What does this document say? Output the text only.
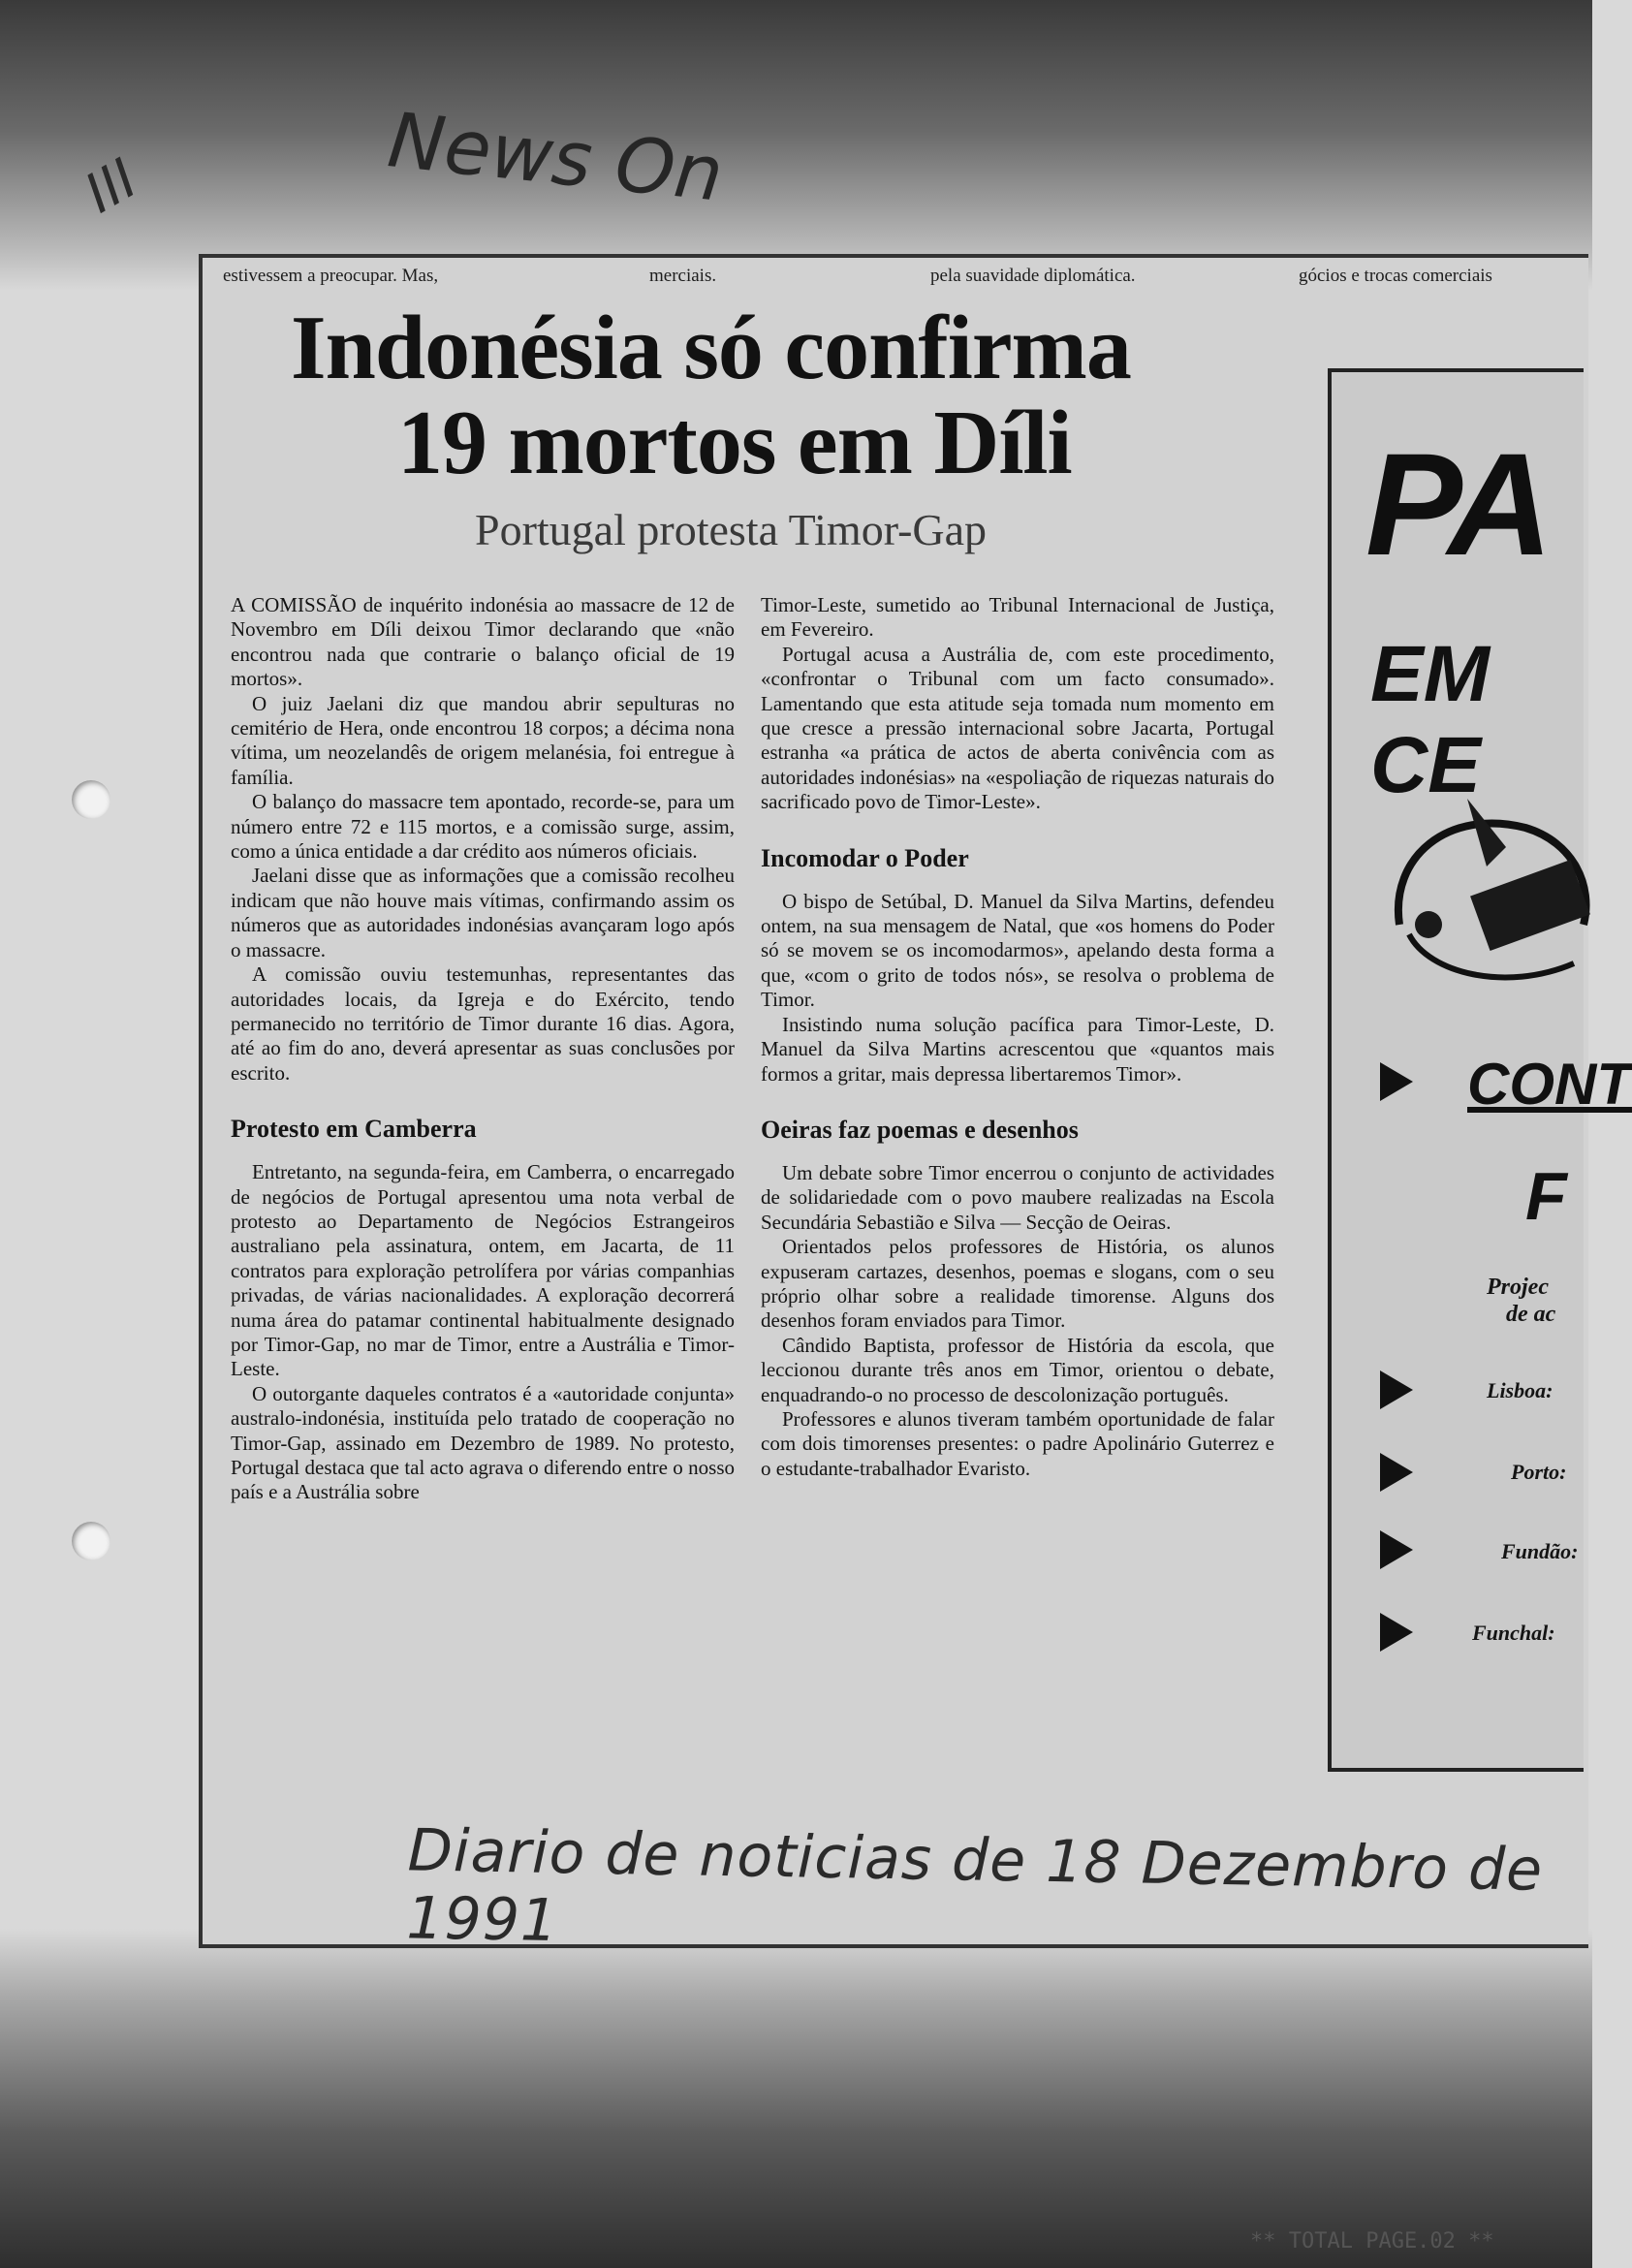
III	News On
estivessem a preocupar. Mas,	merciais.	pela suavidade diplomática.	gócios e trocas comerciais
Indonésia só confirma
19 mortos em Díli
Portugal protesta Timor-Gap

A COMISSÃO de inquérito indonésia ao massacre de 12 de Novembro em Díli deixou Timor declarando que «não encontrou nada que contrarie o balanço oficial de 19 mortos».

O juiz Jaelani diz que mandou abrir sepulturas no cemitério de Hera, onde encontrou 18 corpos; a décima nona vítima, um neozelandês de origem melanésia, foi entregue à família.

O balanço do massacre tem apontado, recorde-se, para um número entre 72 e 115 mortos, e a comissão surge, assim, como a única entidade a dar crédito aos números oficiais.

Jaelani disse que as informações que a comissão recolheu indicam que não houve mais vítimas, confirmando assim os números que as autoridades indonésias avançaram logo após o massacre.

A comissão ouviu testemunhas, representantes das autoridades locais, da Igreja e do Exército, tendo permanecido no território de Timor durante 16 dias. Agora, até ao fim do ano, deverá apresentar as suas conclusões por escrito.

Protesto em Camberra

Entretanto, na segunda-feira, em Camberra, o encarregado de negócios de Portugal apresentou uma nota verbal de protesto ao Departamento de Negócios Estrangeiros australiano pela assinatura, ontem, em Jacarta, de 11 contratos para exploração petrolífera por várias companhias privadas, de várias nacionalidades. A exploração decorrerá numa área do patamar continental habitualmente designado por Timor-Gap, no mar de Timor, entre a Austrália e Timor-Leste.

O outorgante daqueles contratos é a «autoridade conjunta» australo-indonésia, instituída pelo tratado de cooperação no Timor-Gap, assinado em Dezembro de 1989. No protesto, Portugal destaca que tal acto agrava o diferendo entre o nosso país e a Austrália sobre

Timor-Leste, sumetido ao Tribunal Internacional de Justiça, em Fevereiro.

Portugal acusa a Austrália de, com este procedimento, «confrontar o Tribunal com um facto consumado». Lamentando que esta atitude seja tomada num momento em que cresce a pressão internacional sobre Jacarta, Portugal estranha «a prática de actos de aberta conivência com as autoridades indonésias» na «espoliação de riquezas naturais do sacrificado povo de Timor-Leste».

Incomodar o Poder

O bispo de Setúbal, D. Manuel da Silva Martins, defendeu ontem, na sua mensagem de Natal, que «os homens do Poder só se movem se os incomodarmos», apelando desta forma a que, «com o grito de todos nós», se resolva o problema de Timor.

Insistindo numa solução pacífica para Timor-Leste, D. Manuel da Silva Martins acrescentou que «quantos mais formos a gritar, mais depressa libertaremos Timor».

Oeiras faz poemas e desenhos

Um debate sobre Timor encerrou o conjunto de actividades de solidariedade com o povo maubere realizadas na Escola Secundária Sebastião e Silva — Secção de Oeiras.

Orientados pelos professores de História, os alunos expuseram cartazes, desenhos, poemas e slogans, com o seu próprio olhar sobre a realidade timorense. Alguns dos desenhos foram enviados para Timor.

Cândido Baptista, professor de História da escola, que leccionou durante três anos em Timor, orientou o debate, enquadrando-o no processo de descolonização português.

Professores e alunos tiveram também oportunidade de falar com dois timorenses presentes: o padre Apolinário Guterrez e o estudante-trabalhador Evaristo.

PA
EM CE
CONT
F
Projec
de ac
Lisboa:
Porto:
Fundão:
Funchal:
Diario de noticias de 18 Dezembro de 1991
** TOTAL PAGE.02 **
